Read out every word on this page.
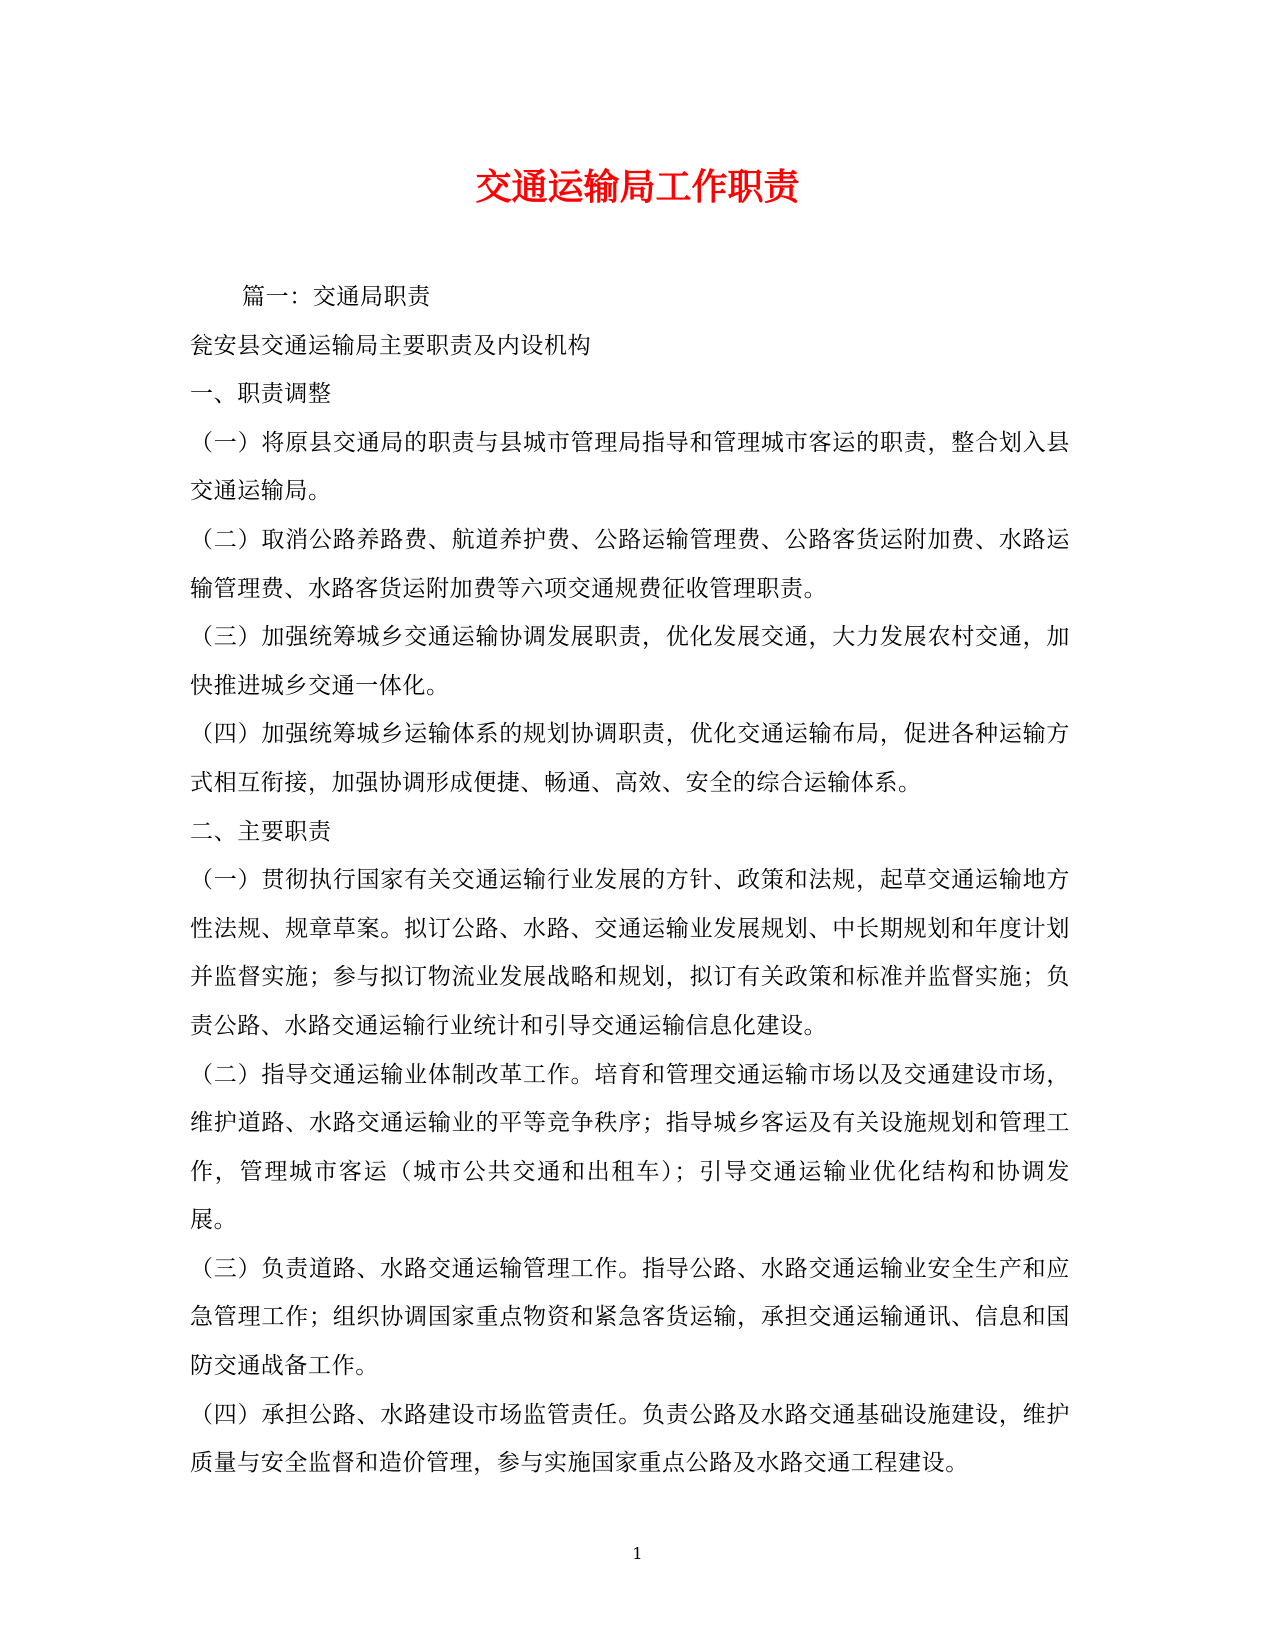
交通运输局工作职责

篇一：交通局职责

瓮安县交通运输局主要职责及内设机构

一、职责调整

（一）将原县交通局的职责与县城市管理局指导和管理城市客运的职责，整合划入县交通运输局。

（二）取消公路养路费、航道养护费、公路运输管理费、公路客货运附加费、水路运输管理费、水路客货运附加费等六项交通规费征收管理职责。

（三）加强统筹城乡交通运输协调发展职责，优化发展交通，大力发展农村交通，加快推进城乡交通一体化。

（四）加强统筹城乡运输体系的规划协调职责，优化交通运输布局，促进各种运输方式相互衔接，加强协调形成便捷、畅通、高效、安全的综合运输体系。

二、主要职责

（一）贯彻执行国家有关交通运输行业发展的方针、政策和法规，起草交通运输地方性法规、规章草案。拟订公路、水路、交通运输业发展规划、中长期规划和年度计划并监督实施；参与拟订物流业发展战略和规划，拟订有关政策和标准并监督实施；负责公路、水路交通运输行业统计和引导交通运输信息化建设。

（二）指导交通运输业体制改革工作。培育和管理交通运输市场以及交通建设市场，维护道路、水路交通运输业的平等竞争秩序；指导城乡客运及有关设施规划和管理工作，管理城市客运（城市公共交通和出租车）；引导交通运输业优化结构和协调发展。

（三）负责道路、水路交通运输管理工作。指导公路、水路交通运输业安全生产和应急管理工作；组织协调国家重点物资和紧急客货运输，承担交通运输通讯、信息和国防交通战备工作。

（四）承担公路、水路建设市场监管责任。负责公路及水路交通基础设施建设，维护质量与安全监督和造价管理，参与实施国家重点公路及水路交通工程建设。

1
